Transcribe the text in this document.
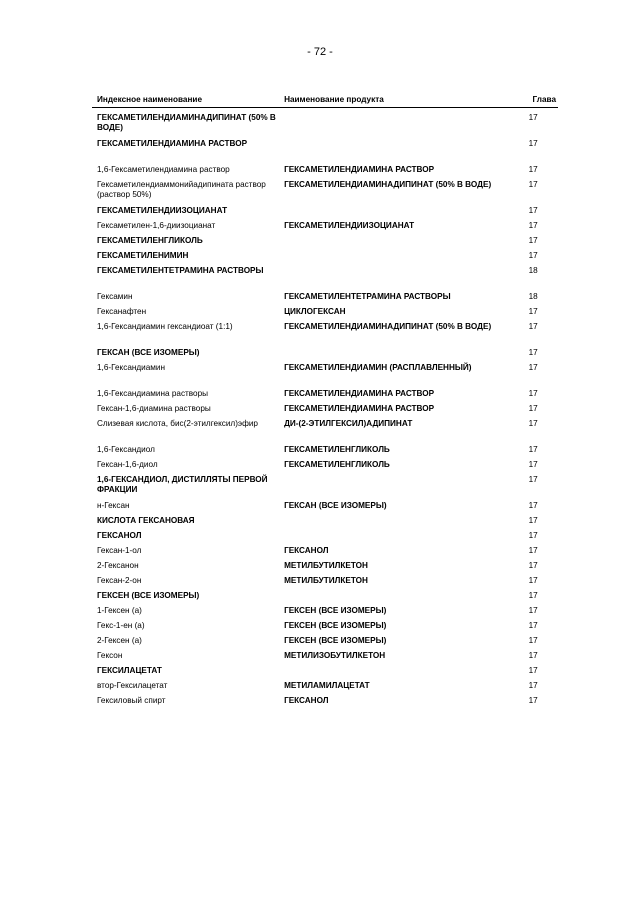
- 72 -
Индексное наименование	Наименование продукта	Глава

ГЕКСАМЕТИЛЕНДИАМИНАДИПИНАТ (50% В ВОДЕ)		17

ГЕКСАМЕТИЛЕНДИАМИНА РАСТВОР		17

1,6-Гексаметилендиамина раствор	ГЕКСАМЕТИЛЕНДИАМИНА РАСТВОР	17

Гексаметилендиаммонийадипината раствор (раствор 50%)	ГЕКСАМЕТИЛЕНДИАМИНАДИПИНАТ (50% В ВОДЕ)	17

ГЕКСАМЕТИЛЕНДИИЗОЦИАНАТ		17

Гексаметилен-1,6-диизоцианат	ГЕКСАМЕТИЛЕНДИИЗОЦИАНАТ	17

ГЕКСАМЕТИЛЕНГЛИКОЛЬ		17

ГЕКСАМЕТИЛЕНИМИН		17

ГЕКСАМЕТИЛЕНТЕТРАМИНА РАСТВОРЫ		18

Гексамин	ГЕКСАМЕТИЛЕНТЕТРАМИНА РАСТВОРЫ	18

Гексанафтен	ЦИКЛОГЕКСАН	17

1,6-Гександиамин гександиоат (1:1)	ГЕКСАМЕТИЛЕНДИАМИНАДИПИНАТ (50% В ВОДЕ)	17

ГЕКСАН (ВСЕ ИЗОМЕРЫ)		17

1,6-Гександиамин	ГЕКСАМЕТИЛЕНДИАМИН (РАСПЛАВЛЕННЫЙ)	17

1,6-Гександиамина растворы	ГЕКСАМЕТИЛЕНДИАМИНА РАСТВОР	17

Гексан-1,6-диамина растворы	ГЕКСАМЕТИЛЕНДИАМИНА РАСТВОР	17

Слизевая кислота, бис(2-этилгексил)эфир	ДИ-(2-ЭТИЛГЕКСИЛ)АДИПИНАТ	17

1,6-Гександиол	ГЕКСАМЕТИЛЕНГЛИКОЛЬ	17

Гексан-1,6-диол	ГЕКСАМЕТИЛЕНГЛИКОЛЬ	17

1,6-ГЕКСАНДИОЛ, ДИСТИЛЛЯТЫ ПЕРВОЙ ФРАКЦИИ		17

н-Гексан	ГЕКСАН (ВСЕ ИЗОМЕРЫ)	17

КИСЛОТА ГЕКСАНОВАЯ		17

ГЕКСАНОЛ		17

Гексан-1-ол	ГЕКСАНОЛ	17

2-Гексанон	МЕТИЛБУТИЛКЕТОН	17

Гексан-2-он	МЕТИЛБУТИЛКЕТОН	17

ГЕКСЕН (ВСЕ ИЗОМЕРЫ)		17

1-Гексен (а)	ГЕКСЕН (ВСЕ ИЗОМЕРЫ)	17

Гекс-1-ен (а)	ГЕКСЕН (ВСЕ ИЗОМЕРЫ)	17

2-Гексен (а)	ГЕКСЕН (ВСЕ ИЗОМЕРЫ)	17

Гексон	МЕТИЛИЗОБУТИЛКЕТОН	17

ГЕКСИЛАЦЕТАТ		17

втор-Гексилацетат	МЕТИЛАМИЛАЦЕТАТ	17

Гексиловый спирт	ГЕКСАНОЛ	17
